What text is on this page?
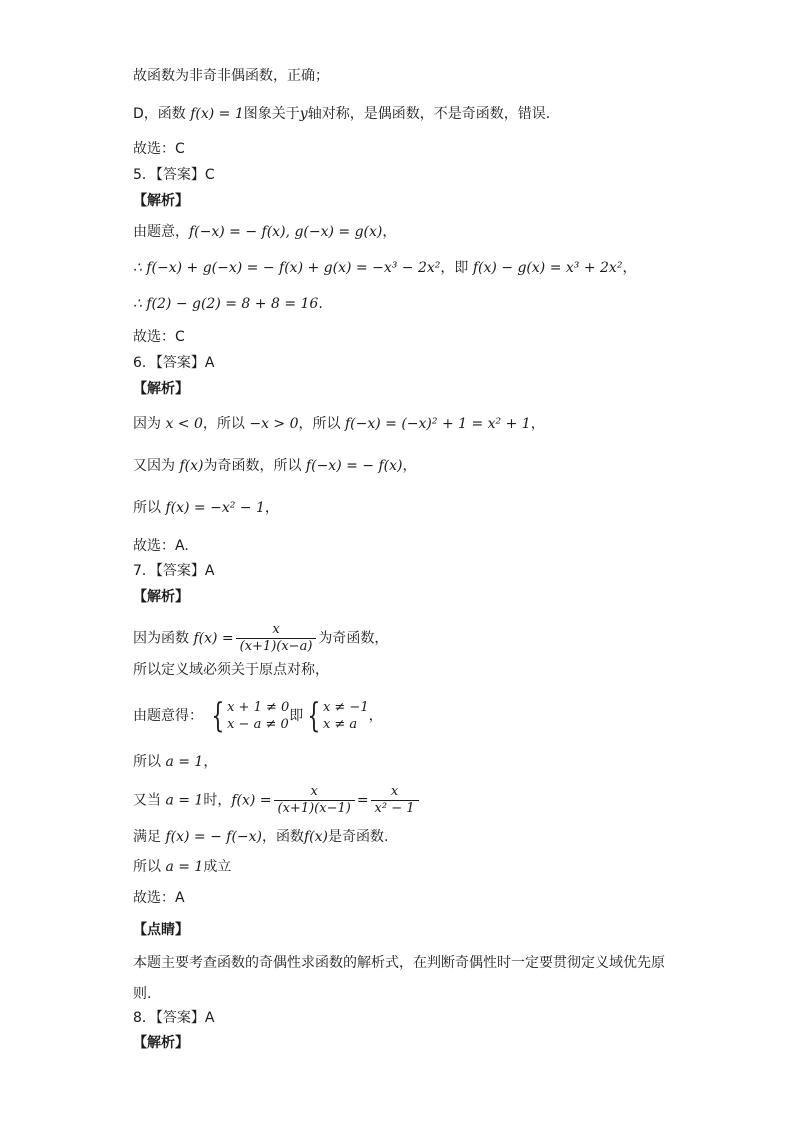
故函数为非奇非偶函数，正确；
D，函数 f(x) = 1图象关于y轴对称，是偶函数，不是奇函数，错误.
故选：C
5．【答案】C
【解析】
由题意，f(−x) = − f(x), g(−x) = g(x)，
∴ f(−x) + g(−x) = − f(x) + g(x) = −x³ − 2x²，即 f(x) − g(x) = x³ + 2x²，
∴ f(2) − g(2) = 8 + 8 = 16.
故选：C
6．【答案】A
【解析】
因为 x < 0，所以 −x > 0，所以 f(−x) = (−x)² + 1 = x² + 1，
又因为 f(x)为奇函数，所以 f(−x) = − f(x)，
所以 f(x) = −x² − 1，
故选：A.
7．【答案】A
【解析】
因为函数 $f(x) = \frac{x}{(x+1)(x-a)}$ 为奇函数，
所以定义域必须关于原点对称，
由题意得： { x + 1 ≠ 0
x − a ≠ 0
即 { x ≠ −1
x ≠ a
，
所以 a = 1，
又当 a = 1时，$f(x) = \frac{x}{(x+1)(x-1)} = \frac{x}{\text{x² − 1}}$
满足 f(x) = − f(−x)，函数f(x)是奇函数.
所以 a = 1成立
故选：A
【点睛】
本题主要考查函数的奇偶性求函数的解析式，在判断奇偶性时一定要贯彻定义域优先原
则.
8．【答案】A
【解析】
